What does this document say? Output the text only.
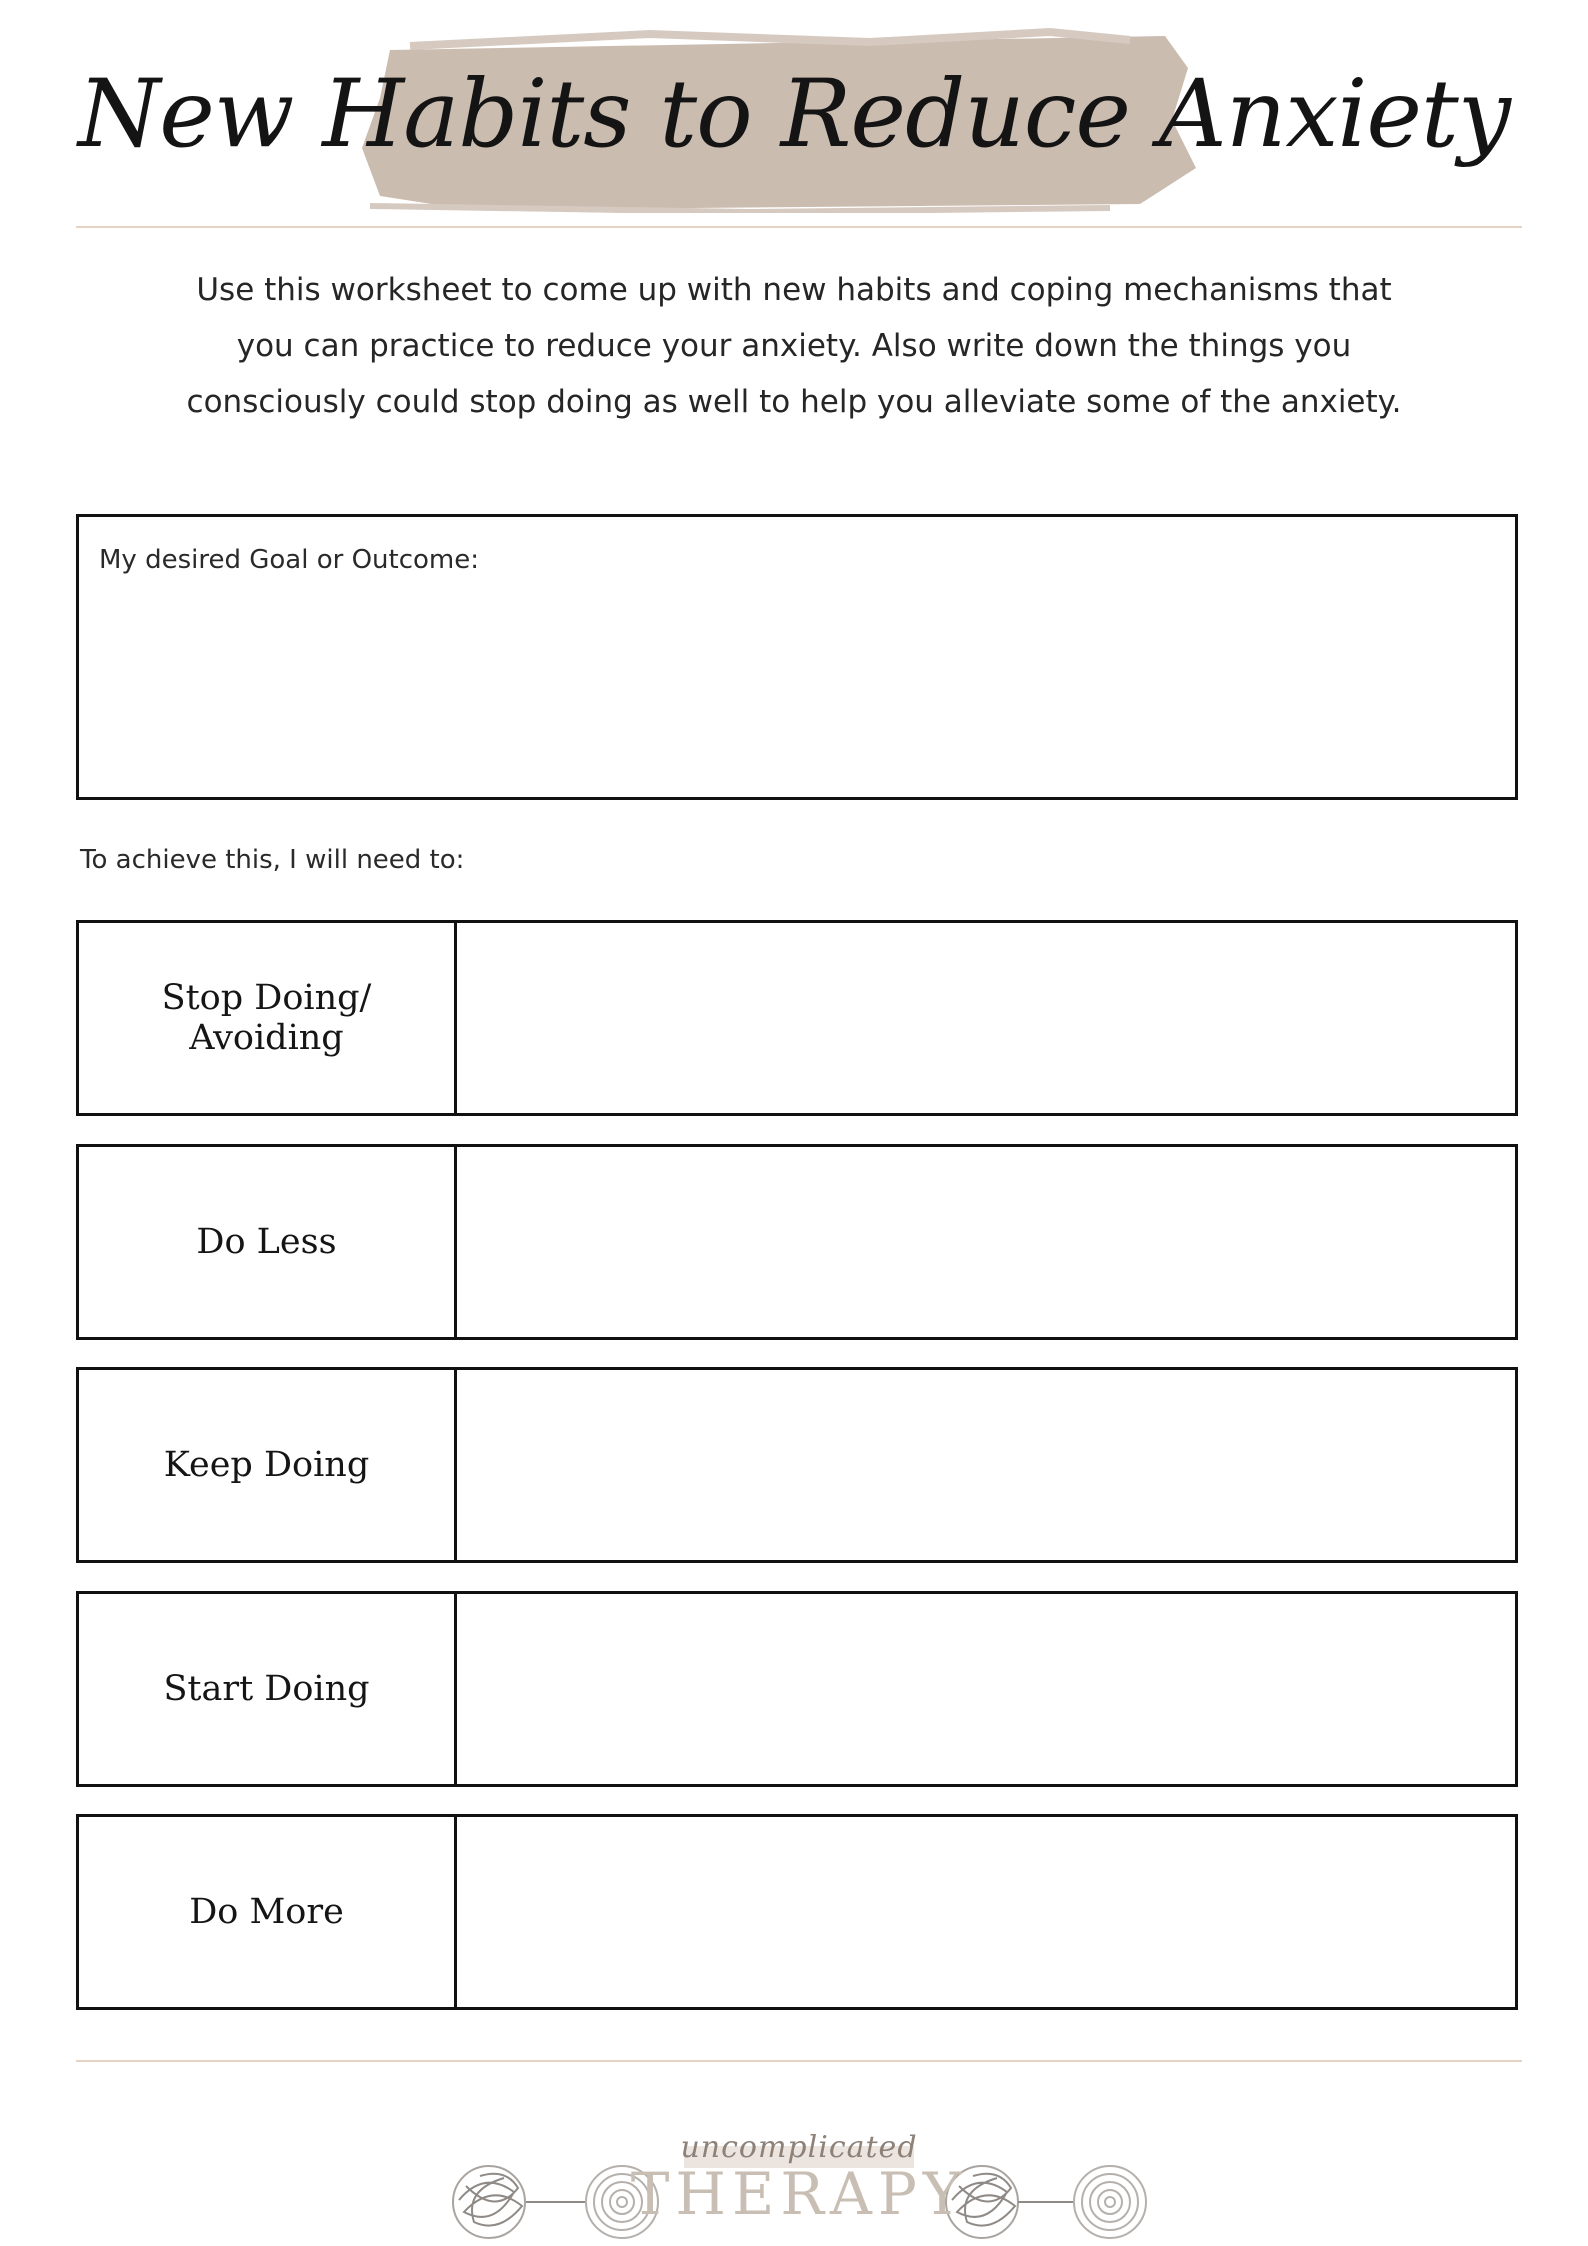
New Habits to Reduce Anxiety
Use this worksheet to come up with new habits and coping mechanisms that you can practice to reduce your anxiety. Also write down the things you consciously could stop doing as well to help you alleviate some of the anxiety.
My desired Goal or Outcome:
To achieve this, I will need to:
Stop Doing/ Avoiding
Do Less
Keep Doing
Start Doing
Do More
uncomplicated
THERAPY
